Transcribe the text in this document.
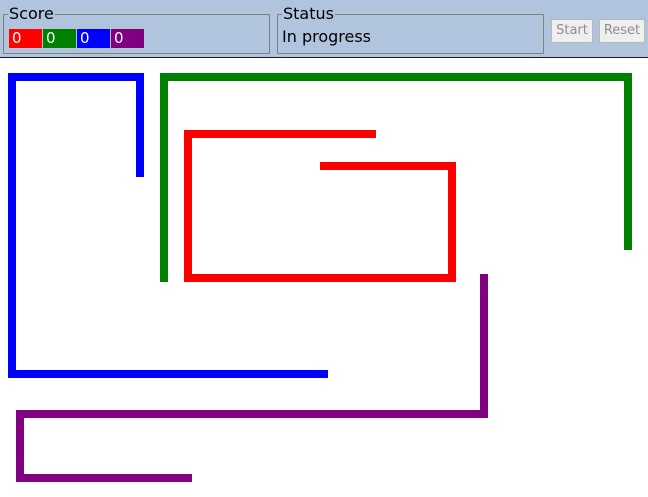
Score
0	0	0	0
Status
In progress	Start	Reset
